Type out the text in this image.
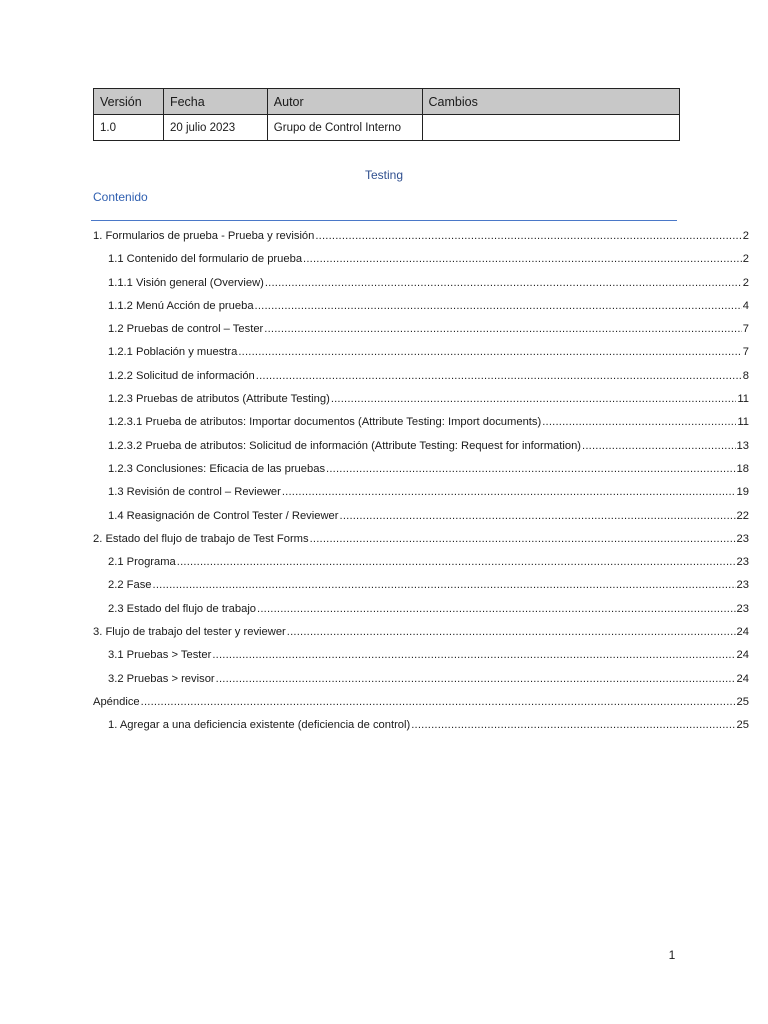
Versión	Fecha	Autor	Cambios
1.0	20 julio 2023	Grupo de Control Interno	
Testing
Contenido
1. Formularios de prueba - Prueba y revisión .....	2
1.1 Contenido del formulario de prueba .....	2
1.1.1 Visión general (Overview) .....	2
1.1.2 Menú Acción de prueba .....	4
1.2 Pruebas de control – Tester .....	7
1.2.1 Población y muestra .....	7
1.2.2 Solicitud de información .....	8
1.2.3 Pruebas de atributos (Attribute Testing) .....	11
1.2.3.1 Prueba de atributos: Importar documentos (Attribute Testing: Import documents) .....	11
1.2.3.2 Prueba de atributos: Solicitud de información (Attribute Testing: Request for information) .....	13
1.2.3 Conclusiones: Eficacia de las pruebas .....	18
1.3 Revisión de control – Reviewer .....	19
1.4 Reasignación de Control Tester / Reviewer .....	22
2. Estado del flujo de trabajo de Test Forms .....	23
2.1 Programa .....	23
2.2 Fase .....	23
2.3 Estado del flujo de trabajo .....	23
3. Flujo de trabajo del tester y reviewer .....	24
3.1 Pruebas > Tester .....	24
3.2 Pruebas > revisor .....	24
Apéndice .....	25
1. Agregar a una deficiencia existente (deficiencia de control) .....	25
1
